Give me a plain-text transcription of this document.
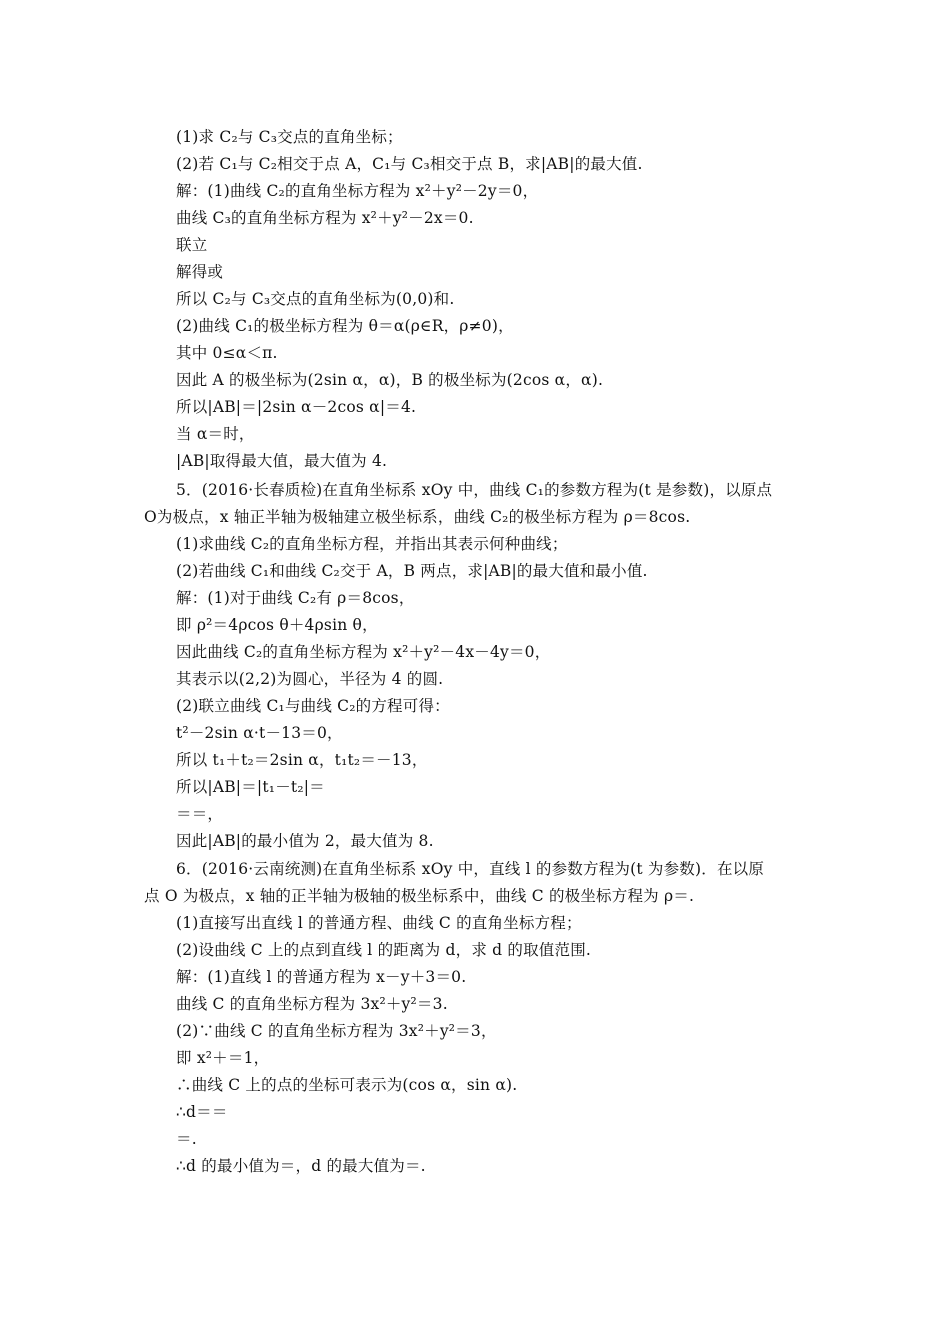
(1)求 C₂与 C₃交点的直角坐标；
(2)若 C₁与 C₂相交于点 A，C₁与 C₃相交于点 B，求|AB|的最大值.
解：(1)曲线 C₂的直角坐标方程为 x²＋y²－2y＝0，
曲线 C₃的直角坐标方程为 x²＋y²－2x＝0.
联立
解得或
所以 C₂与 C₃交点的直角坐标为(0,0)和.
(2)曲线 C₁的极坐标方程为 θ＝α(ρ∈R，ρ≠0)，
其中 0≤α＜π.
因此 A 的极坐标为(2sin α，α)，B 的极坐标为(2cos α，α).
所以|AB|＝|2sin α－2cos α|＝4.
当 α＝时，
|AB|取得最大值，最大值为 4.
5．(2016·长春质检)在直角坐标系 xOy 中，曲线 C₁的参数方程为(t 是参数)，以原点
O为极点，x 轴正半轴为极轴建立极坐标系，曲线 C₂的极坐标方程为 ρ＝8cos.
(1)求曲线 C₂的直角坐标方程，并指出其表示何种曲线；
(2)若曲线 C₁和曲线 C₂交于 A，B 两点，求|AB|的最大值和最小值.
解：(1)对于曲线 C₂有 ρ＝8cos，
即 ρ²＝4ρcos θ＋4ρsin θ，
因此曲线 C₂的直角坐标方程为 x²＋y²－4x－4y＝0，
其表示以(2,2)为圆心，半径为 4 的圆.
(2)联立曲线 C₁与曲线 C₂的方程可得：
t²－2sin α·t－13＝0，
所以 t₁＋t₂＝2sin α，t₁t₂＝－13，
所以|AB|＝|t₁－t₂|＝
＝＝，
因此|AB|的最小值为 2，最大值为 8.
6．(2016·云南统测)在直角坐标系 xOy 中，直线 l 的参数方程为(t 为参数)．在以原
点 O 为极点，x 轴的正半轴为极轴的极坐标系中，曲线 C 的极坐标方程为 ρ＝.
(1)直接写出直线 l 的普通方程、曲线 C 的直角坐标方程；
(2)设曲线 C 上的点到直线 l 的距离为 d，求 d 的取值范围.
解：(1)直线 l 的普通方程为 x－y＋3＝0.
曲线 C 的直角坐标方程为 3x²＋y²＝3.
(2)∵曲线 C 的直角坐标方程为 3x²＋y²＝3，
即 x²＋＝1，
∴曲线 C 上的点的坐标可表示为(cos α，sin α).
∴d＝＝
＝.
∴d 的最小值为＝，d 的最大值为＝.
